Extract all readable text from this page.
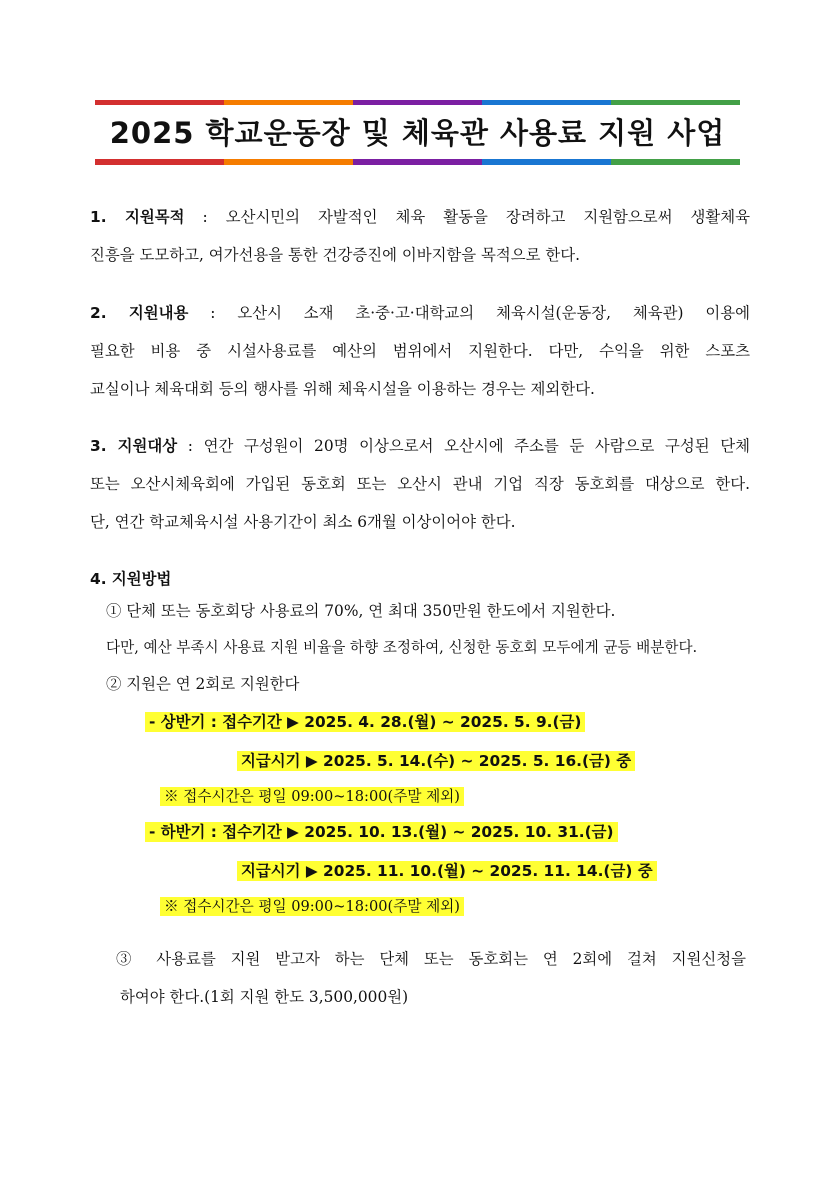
2025 학교운동장 및 체육관 사용료 지원 사업
1. 지원목적 : 오산시민의 자발적인 체육 활동을 장려하고 지원함으로써 생활체육
진흥을 도모하고, 여가선용을 통한 건강증진에 이바지함을 목적으로 한다.
2. 지원내용 : 오산시 소재 초·중·고·대학교의 체육시설(운동장, 체육관) 이용에
필요한 비용 중 시설사용료를 예산의 범위에서 지원한다. 다만, 수익을 위한 스포츠
교실이나 체육대회 등의 행사를 위해 체육시설을 이용하는 경우는 제외한다.
3. 지원대상 : 연간 구성원이 20명 이상으로서 오산시에 주소를 둔 사람으로 구성된 단체
또는 오산시체육회에 가입된 동호회 또는 오산시 관내 기업 직장 동호회를 대상으로 한다.
단, 연간 학교체육시설 사용기간이 최소 6개월 이상이어야 한다.
4. 지원방법
① 단체 또는 동호회당 사용료의 70%, 연 최대 350만원 한도에서 지원한다.
다만, 예산 부족시 사용료 지원 비율을 하향 조정하여, 신청한 동호회 모두에게 균등 배분한다.
② 지원은 연 2회로 지원한다
- 상반기 : 접수기간 ▶ 2025. 4. 28.(월) ~ 2025. 5. 9.(금)
지급시기 ▶ 2025. 5. 14.(수) ~ 2025. 5. 16.(금) 중
※ 접수시간은 평일 09:00~18:00(주말 제외)
- 하반기 : 접수기간 ▶ 2025. 10. 13.(월) ~ 2025. 10. 31.(금)
지급시기 ▶ 2025. 11. 10.(월) ~ 2025. 11. 14.(금) 중
※ 접수시간은 평일 09:00~18:00(주말 제외)
③ 사용료를 지원 받고자 하는 단체 또는 동호회는 연 2회에 걸쳐 지원신청을
하여야 한다.(1회 지원 한도 3,500,000원)
